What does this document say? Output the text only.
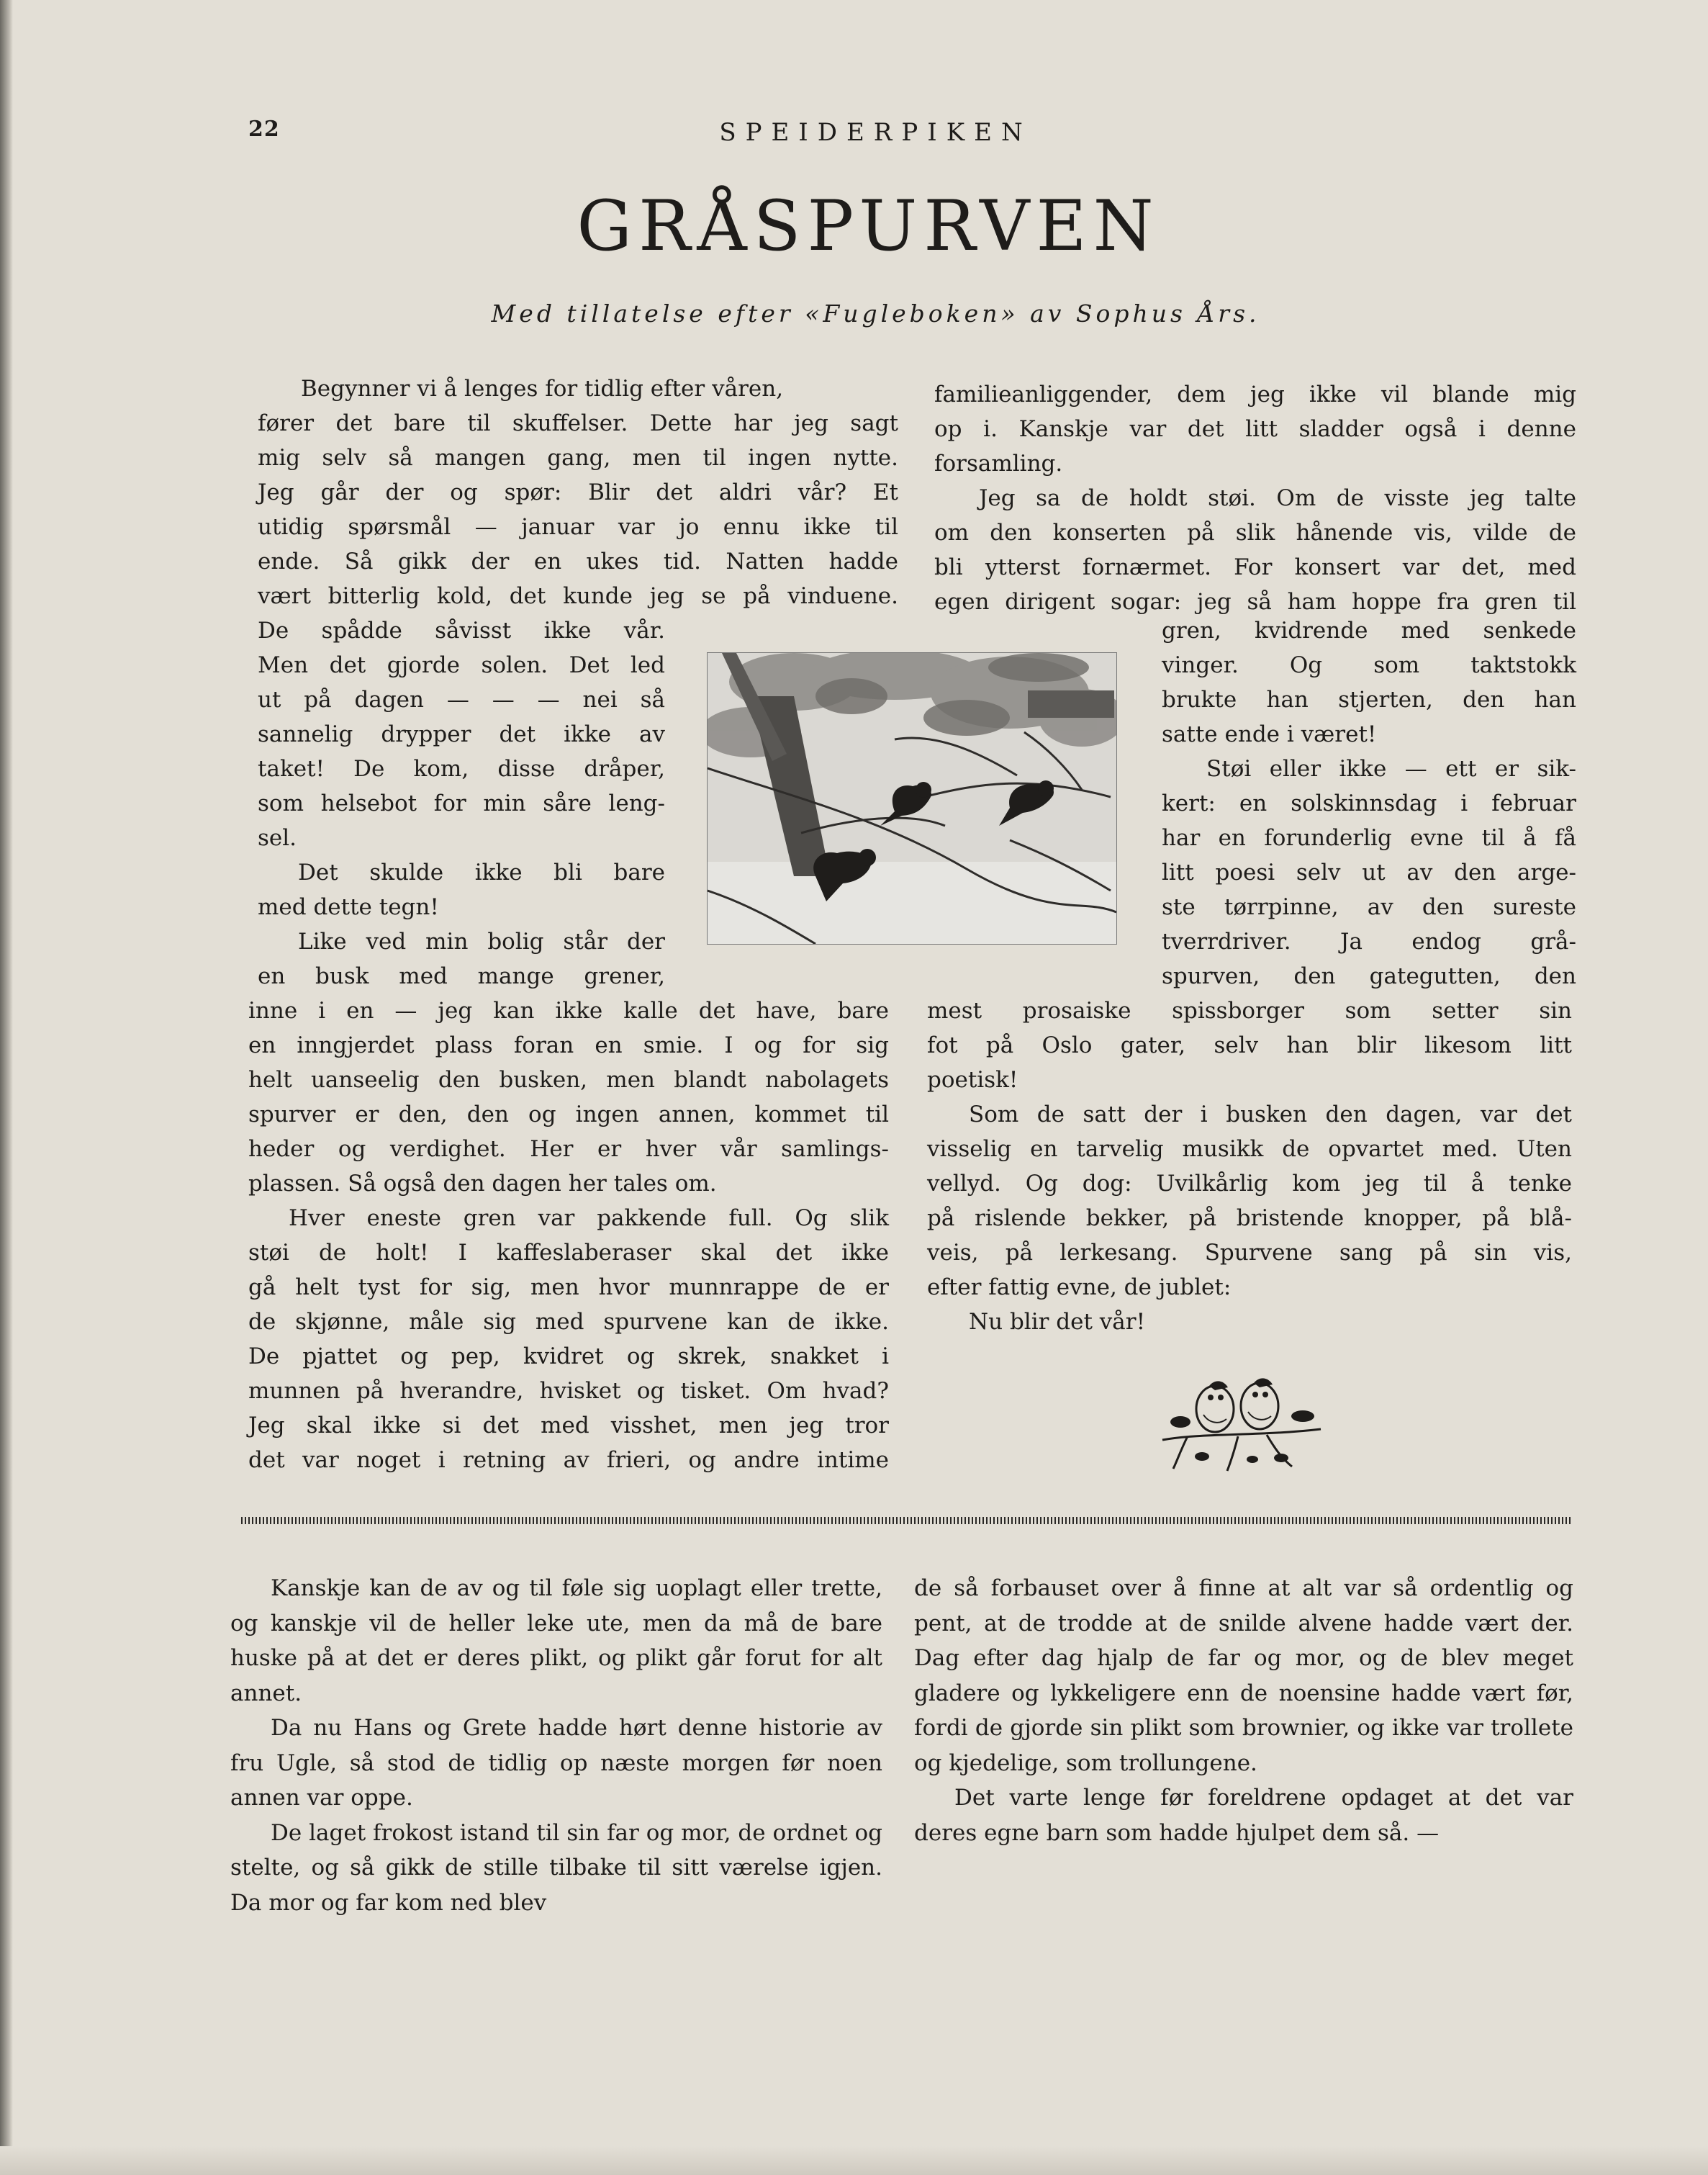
22	SPEIDERPIKEN
GRÅSPURVEN
Med tillatelse efter «Fugleboken» av Sophus Års.

Begynner vi å lenges for tidlig efter våren,

fører det bare til skuffelser. Dette har jeg sagt

mig selv så mangen gang, men til ingen nytte.

Jeg går der og spør: Blir det aldri vår? Et

utidig spørsmål — januar var jo ennu ikke til

ende. Så gikk der en ukes tid. Natten hadde

vært bitterlig kold, det kunde jeg se på vinduene.

De spådde såvisst ikke vår.

Men det gjorde solen. Det led

ut på dagen — — — nei så

sannelig drypper det ikke av

taket! De kom, disse dråper,

som helsebot for min såre leng-

sel.

Det skulde ikke bli bare

med dette tegn!

Like ved min bolig står der

en busk med mange grener,

inne i en — jeg kan ikke kalle det have, bare

en inngjerdet plass foran en smie. I og for sig

helt uanseelig den busken, men blandt nabolagets

spurver er den, den og ingen annen, kommet til

heder og verdighet. Her er hver vår samlings-

plassen. Så også den dagen her tales om.

Hver eneste gren var pakkende full. Og slik

støi de holt! I kaffeslaberaser skal det ikke

gå helt tyst for sig, men hvor munnrappe de er

de skjønne, måle sig med spurvene kan de ikke.

De pjattet og pep, kvidret og skrek, snakket i

munnen på hverandre, hvisket og tisket. Om hvad?

Jeg skal ikke si det med visshet, men jeg tror

det var noget i retning av frieri, og andre intime

familieanliggender, dem jeg ikke vil blande mig

op i. Kanskje var det litt sladder også i denne

forsamling.

Jeg sa de holdt støi. Om de visste jeg talte

om den konserten på slik hånende vis, vilde de

bli ytterst fornærmet. For konsert var det, med

egen dirigent sogar: jeg så ham hoppe fra gren til

gren, kvidrende med senkede

vinger. Og som taktstokk

brukte han stjerten, den han

satte ende i været!

Støi eller ikke — ett er sik-

kert: en solskinnsdag i februar

har en forunderlig evne til å få

litt poesi selv ut av den arge-

ste tørrpinne, av den sureste

tverrdriver. Ja endog grå-

spurven, den gategutten, den

mest prosaiske spissborger som setter sin

fot på Oslo gater, selv han blir likesom litt

poetisk!

Som de satt der i busken den dagen, var det

visselig en tarvelig musikk de opvartet med. Uten

vellyd. Og dog: Uvilkårlig kom jeg til å tenke

på rislende bekker, på bristende knopper, på blå-

veis, på lerkesang. Spurvene sang på sin vis,

efter fattig evne, de jublet:

Nu blir det vår!

Kanskje kan de av og til føle sig uoplagt eller trette, og kanskje vil de heller leke ute, men da må de bare huske på at det er deres plikt, og plikt går forut for alt annet.

Da nu Hans og Grete hadde hørt denne historie av fru Ugle, så stod de tidlig op næste morgen før noen annen var oppe.

De laget frokost istand til sin far og mor, de ordnet og stelte, og så gikk de stille tilbake til sitt værelse igjen. Da mor og far kom ned blev

de så forbauset over å finne at alt var så ordentlig og pent, at de trodde at de snilde alvene hadde vært der. Dag efter dag hjalp de far og mor, og de blev meget gladere og lykkeligere enn de noensine hadde vært før, fordi de gjorde sin plikt som brownier, og ikke var trollete og kjedelige, som trollungene.

Det varte lenge før foreldrene opdaget at det var deres egne barn som hadde hjulpet dem så. —
